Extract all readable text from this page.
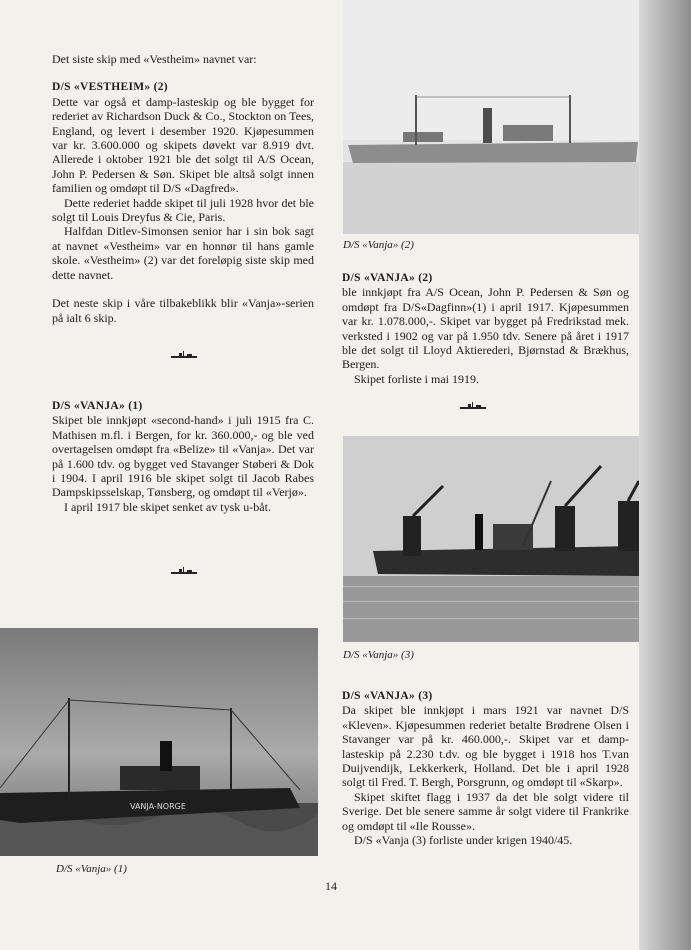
Det siste skip med «Vestheim» navnet var:

D/S «VESTHEIM» (2)

Dette var også et damp-lasteskip og ble bygget for rederiet av Richardson Duck & Co., Stockton on Tees, England, og levert i desember 1920. Kjøpesummen var kr. 3.600.000 og skipets døvekt var 8.919 dvt. Allerede i oktober 1921 ble det solgt til A/S Ocean, John P. Pedersen & Søn. Skipet ble altså solgt innen familien og omdøpt til D/S «Dagfred».

Dette rederiet hadde skipet til juli 1928 hvor det ble solgt til Louis Dreyfus & Cie, Paris.

Halfdan Ditlev-Simonsen senior har i sin bok sagt at navnet «Vestheim» var en honnør til hans gamle skole. «Vestheim» (2) var det foreløpig siste skip med dette navnet.

Det neste skip i våre tilbakeblikk blir «Vanja»-serien på ialt 6 skip.

D/S «VANJA» (1)

Skipet ble innkjøpt «second-hand» i juli 1915 fra C. Mathisen m.fl. i Bergen, for kr. 360.000,- og ble ved overtagelsen omdøpt fra «Belize» til «Vanja». Det var på 1.600 tdv. og bygget ved Stavanger Støberi & Dok i 1904. I april 1916 ble skipet solgt til Jacob Rabes Dampskipsselskap, Tønsberg, og omdøpt til «Verjø».

I april 1917 ble skipet senket av tysk u-båt.

VANJA-NORGE
D/S «Vanja» (1)
D/S «Vanja» (2)

D/S «VANJA» (2)

ble innkjøpt fra A/S Ocean, John P. Pedersen & Søn og omdøpt fra D/S«Dagfinn»(1) i april 1917. Kjøpesummen var kr. 1.078.000,-. Skipet var bygget på Fredrikstad mek. verksted i 1902 og var på 1.950 tdv. Senere på året i 1917 ble det solgt til Lloyd Aktierederi, Bjørnstad & Brækhus, Bergen.

Skipet forliste i mai 1919.

D/S «Vanja» (3)

D/S «VANJA» (3)

Da skipet ble innkjøpt i mars 1921 var navnet D/S «Kleven». Kjøpesummen rederiet betalte Brødrene Olsen i Stavanger var på kr. 460.000,-. Skipet var et damp-lasteskip på 2.230 t.dv. og ble bygget i 1918 hos T.van Duijvendijk, Lekkerkerk, Holland. Det ble i april 1928 solgt til Fred. T. Bergh, Porsgrunn, og omdøpt til «Skarp».

Skipet skiftet flagg i 1937 da det ble solgt videre til Sverige. Det ble senere samme år solgt videre til Frankrike og omdøpt til «Ile Rousse».

D/S «Vanja (3) forliste under krigen 1940/45.

14
